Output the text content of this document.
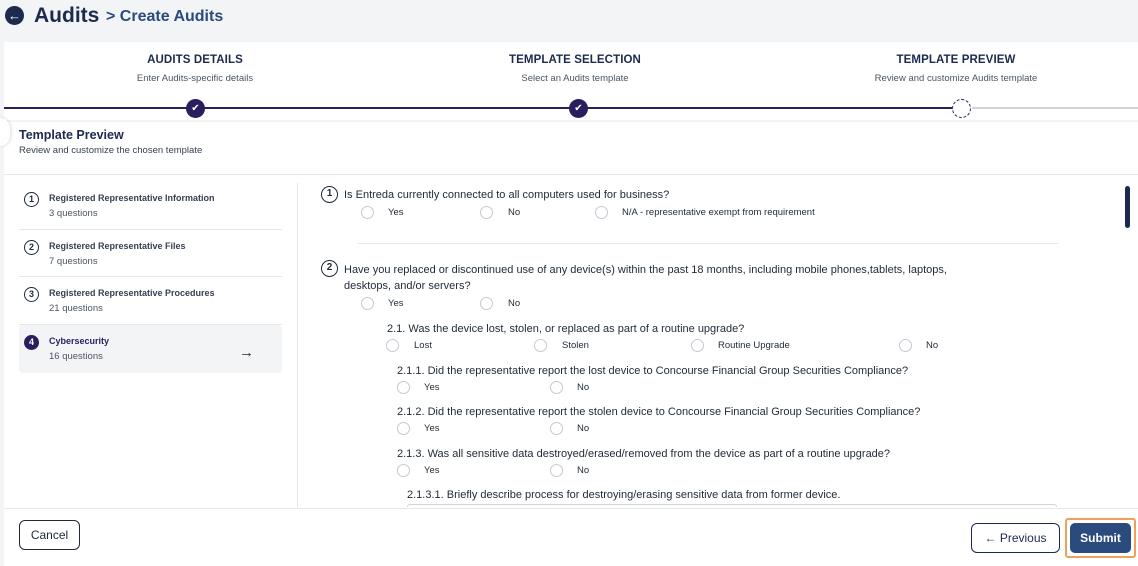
← Audits > Create Audits
AUDITS DETAILS
Enter Audits-specific details
TEMPLATE SELECTION
Select an Audits template
TEMPLATE PREVIEW
Review and customize Audits template
✔	✔
Template Preview
Review and customize the chosen template
1	Registered Representative Information
3 questions
2	Registered Representative Files
7 questions
3	Registered Representative Procedures
21 questions
4	Cybersecurity
16 questions	→
1	Is Entreda currently connected to all computers used for business?
Yes	No	N/A - representative exempt from requirement
2	Have you replaced or discontinued use of any device(s) within the past 18 months, including mobile phones,tablets, laptops,
desktops, and/or servers?
Yes	No
2.1. Was the device lost, stolen, or replaced as part of a routine upgrade?
Lost	Stolen	Routine Upgrade	No
2.1.1. Did the representative report the lost device to Concourse Financial Group Securities Compliance?
Yes	No
2.1.2. Did the representative report the stolen device to Concourse Financial Group Securities Compliance?
Yes	No
2.1.3. Was all sensitive data destroyed/erased/removed from the device as part of a routine upgrade?
Yes	No
2.1.3.1. Briefly describe process for destroying/erasing sensitive data from former device.
Cancel	← Previous	Submit
